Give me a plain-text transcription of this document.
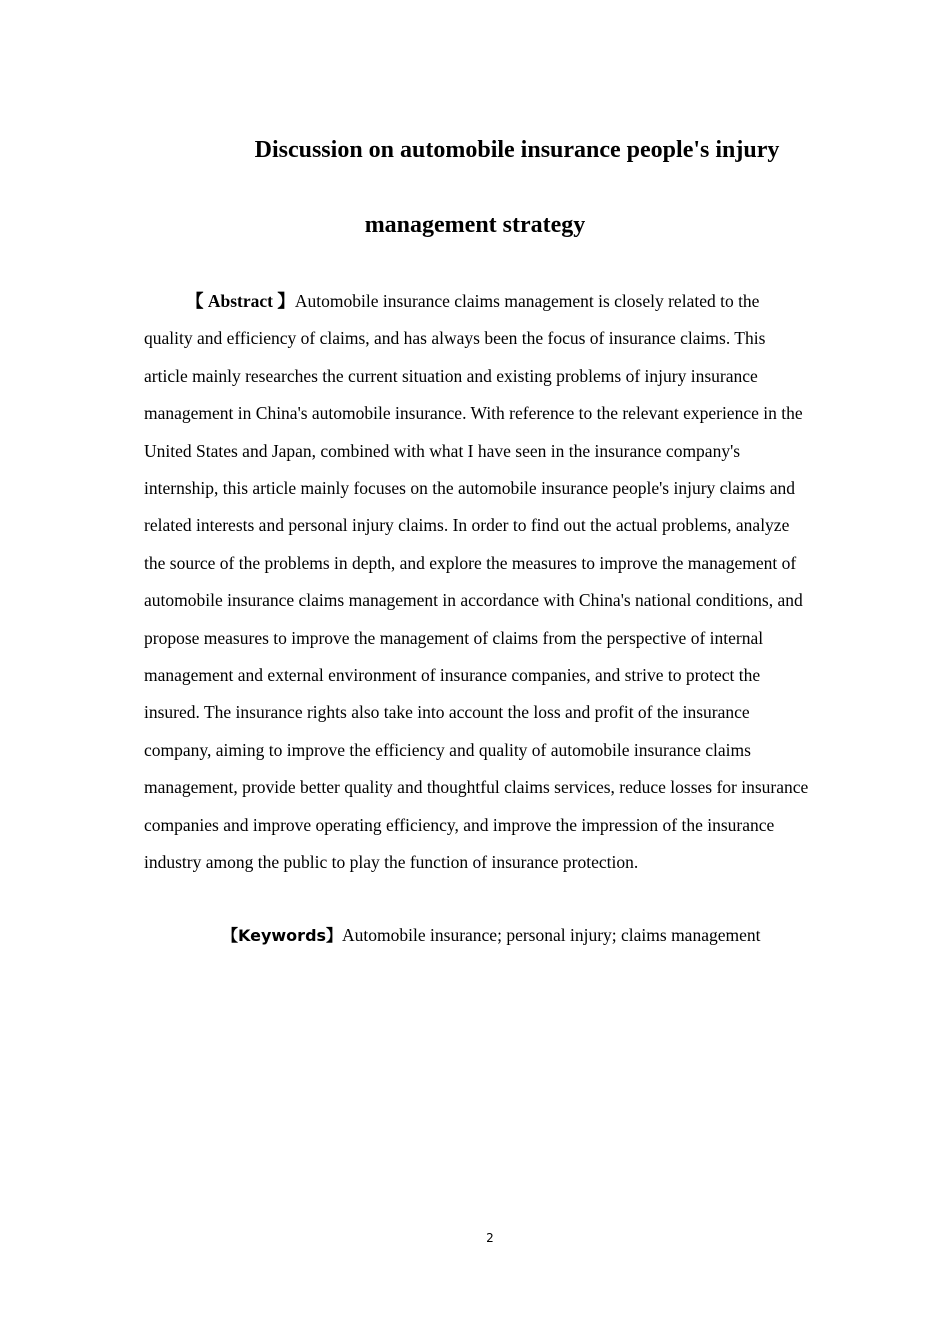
Discussion on automobile insurance people's injury
management strategy

【 Abstract 】Automobile insurance claims management is closely related to the quality and efficiency of claims, and has always been the focus of insurance claims. This article mainly researches the current situation and existing problems of injury insurance management in China's automobile insurance. With reference to the relevant experience in the United States and Japan, combined with what I have seen in the insurance company's internship, this article mainly focuses on the automobile insurance people's injury claims and related interests and personal injury claims. In order to find out the actual problems, analyze the source of the problems in depth, and explore the measures to improve the management of automobile insurance claims management in accordance with China's national conditions, and propose measures to improve the management of claims from the perspective of internal management and external environment of insurance companies, and strive to protect the insured. The insurance rights also take into account the loss and profit of the insurance company, aiming to improve the efficiency and quality of automobile insurance claims management, provide better quality and thoughtful claims services, reduce losses for insurance companies and improve operating efficiency, and improve the impression of the insurance industry among the public to play the function of insurance protection.

【Keywords】Automobile insurance; personal injury; claims management

2
